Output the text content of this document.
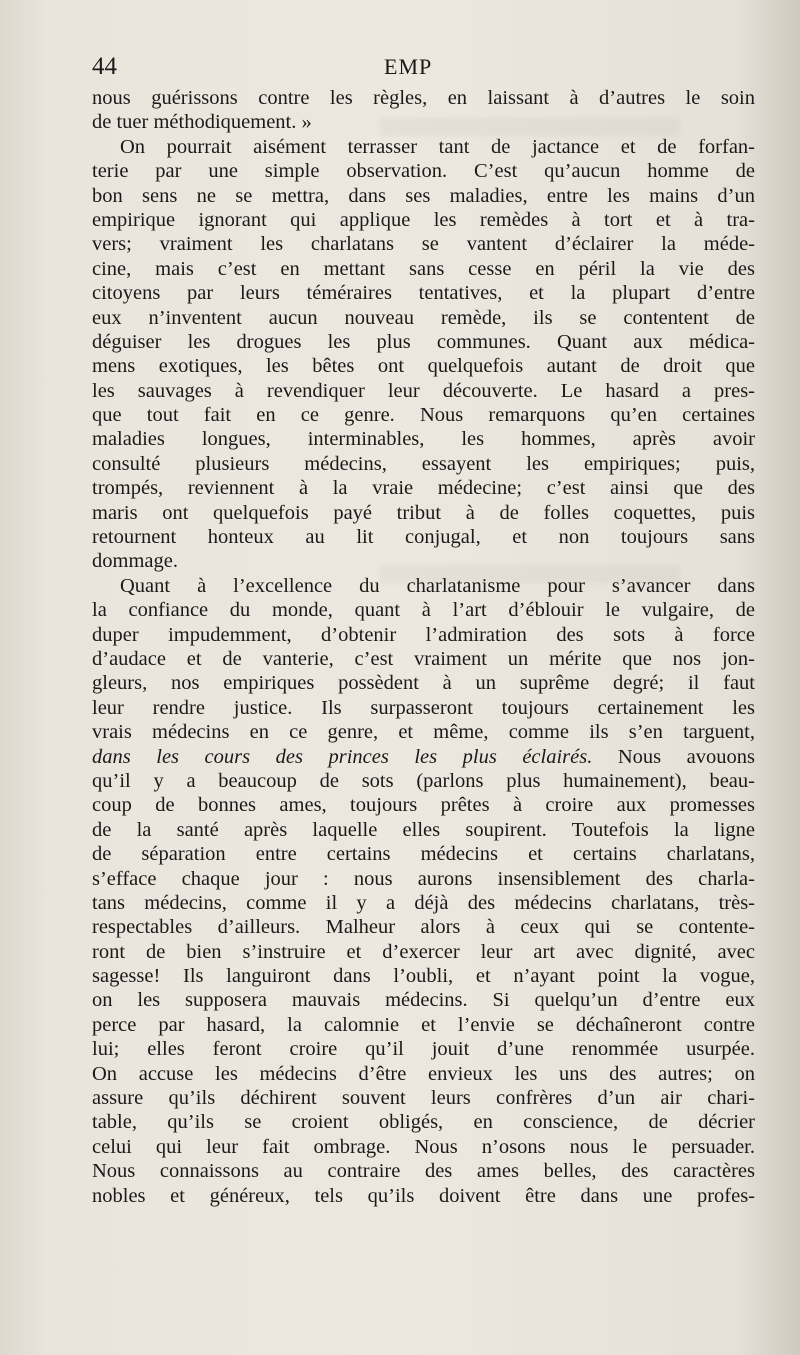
44	EMP
nous guérissons contre les règles, en laissant à d’autres le soin
de tuer méthodiquement. »
On pourrait aisément terrasser tant de jactance et de forfan-
terie par une simple observation. C’est qu’aucun homme de
bon sens ne se mettra, dans ses maladies, entre les mains d’un
empirique ignorant qui applique les remèdes à tort et à tra-
vers; vraiment les charlatans se vantent d’éclairer la méde-
cine, mais c’est en mettant sans cesse en péril la vie des
citoyens par leurs téméraires tentatives, et la plupart d’entre
eux n’inventent aucun nouveau remède, ils se contentent de
déguiser les drogues les plus communes. Quant aux médica-
mens exotiques, les bêtes ont quelquefois autant de droit que
les sauvages à revendiquer leur découverte. Le hasard a pres-
que tout fait en ce genre. Nous remarquons qu’en certaines
maladies longues, interminables, les hommes, après avoir
consulté plusieurs médecins, essayent les empiriques; puis,
trompés, reviennent à la vraie médecine; c’est ainsi que des
maris ont quelquefois payé tribut à de folles coquettes, puis
retournent honteux au lit conjugal, et non toujours sans
dommage.
Quant à l’excellence du charlatanisme pour s’avancer dans
la confiance du monde, quant à l’art d’éblouir le vulgaire, de
duper impudemment, d’obtenir l’admiration des sots à force
d’audace et de vanterie, c’est vraiment un mérite que nos jon-
gleurs, nos empiriques possèdent à un suprême degré; il faut
leur rendre justice. Ils surpasseront toujours certainement les
vrais médecins en ce genre, et même, comme ils s’en targuent,
dans les cours des princes les plus éclairés. Nous avouons
qu’il y a beaucoup de sots (parlons plus humainement), beau-
coup de bonnes ames, toujours prêtes à croire aux promesses
de la santé après laquelle elles soupirent. Toutefois la ligne
de séparation entre certains médecins et certains charlatans,
s’efface chaque jour : nous aurons insensiblement des charla-
tans médecins, comme il y a déjà des médecins charlatans, très-
respectables d’ailleurs. Malheur alors à ceux qui se contente-
ront de bien s’instruire et d’exercer leur art avec dignité, avec
sagesse! Ils languiront dans l’oubli, et n’ayant point la vogue,
on les supposera mauvais médecins. Si quelqu’un d’entre eux
perce par hasard, la calomnie et l’envie se déchaîneront contre
lui; elles feront croire qu’il jouit d’une renommée usurpée.
On accuse les médecins d’être envieux les uns des autres; on
assure qu’ils déchirent souvent leurs confrères d’un air chari-
table, qu’ils se croient obligés, en conscience, de décrier
celui qui leur fait ombrage. Nous n’osons nous le persuader.
Nous connaissons au contraire des ames belles, des caractères
nobles et généreux, tels qu’ils doivent être dans une profes-
